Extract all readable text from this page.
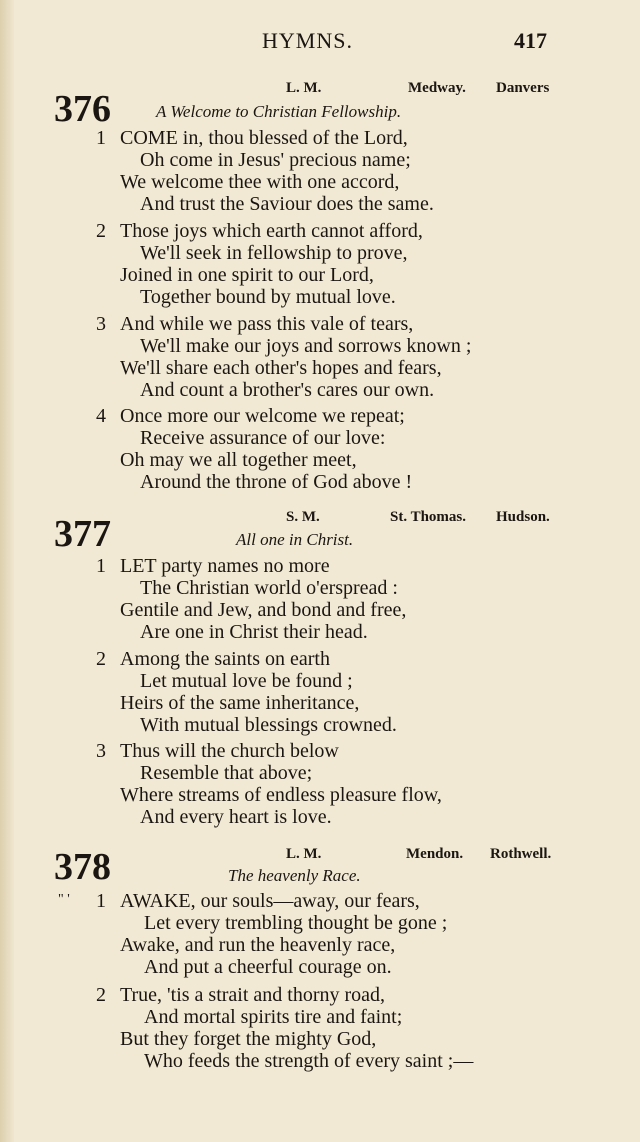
HYMNS.	417
376	L. M.	Medway. Danvers
A Welcome to Christian Fellowship.
1 COME in, thou blessed of the Lord,
Oh come in Jesus' precious name;
We welcome thee with one accord,
And trust the Saviour does the same.
2 Those joys which earth cannot afford,
We'll seek in fellowship to prove,
Joined in one spirit to our Lord,
Together bound by mutual love.
3 And while we pass this vale of tears,
We'll make our joys and sorrows known ;
We'll share each other's hopes and fears,
And count a brother's cares our own.
4 Once more our welcome we repeat;
Receive assurance of our love:
Oh may we all together meet,
Around the throne of God above !
377	S. M.	St. Thomas. Hudson.
All one in Christ.
1 LET party names no more
The Christian world o'erspread :
Gentile and Jew, and bond and free,
Are one in Christ their head.
2 Among the saints on earth
Let mutual love be found ;
Heirs of the same inheritance,
With mutual blessings crowned.
3 Thus will the church below
Resemble that above;
Where streams of endless pleasure flow,
And every heart is love.
378	L. M.	Mendon. Rothwell.
The heavenly Race.
" ' 1 AWAKE, our souls—away, our fears,
Let every trembling thought be gone ;
Awake, and run the heavenly race,
And put a cheerful courage on.
2 True, 'tis a strait and thorny road,
And mortal spirits tire and faint;
But they forget the mighty God,
Who feeds the strength of every saint ;—
